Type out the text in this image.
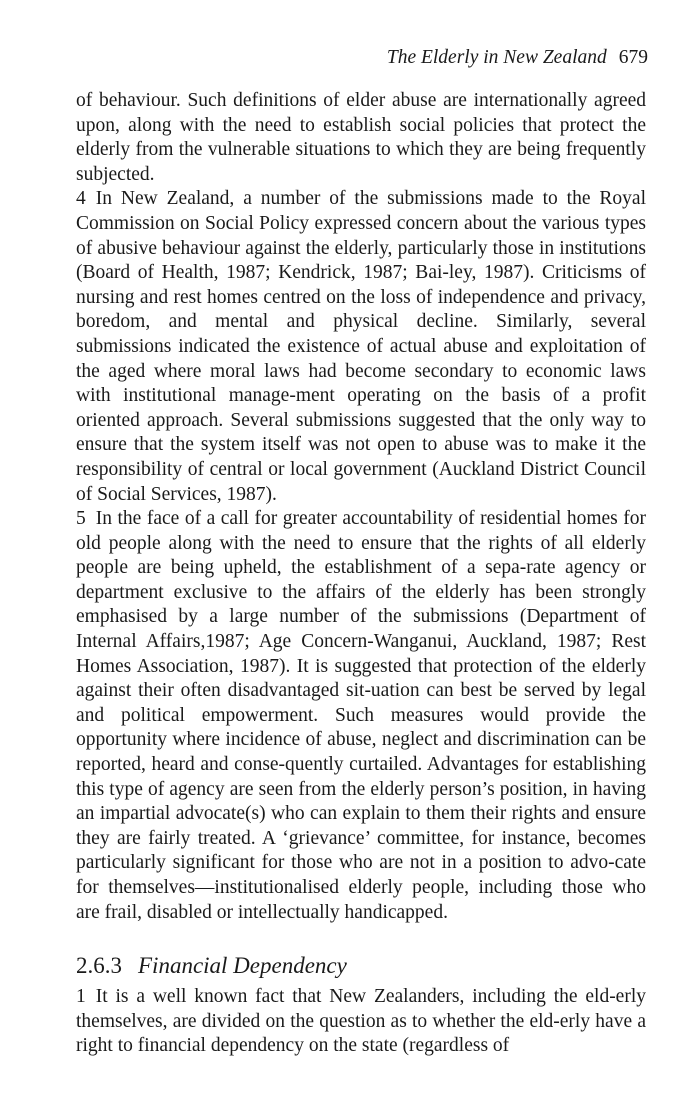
The Elderly in New Zealand 679

of behaviour. Such definitions of elder abuse are internationally agreed upon, along with the need to establish social policies that protect the elderly from the vulnerable situations to which they are being frequently subjected.

4 In New Zealand, a number of the submissions made to the Royal Commission on Social Policy expressed concern about the various types of abusive behaviour against the elderly, particularly those in institutions (Board of Health, 1987; Kendrick, 1987; Bai-ley, 1987). Criticisms of nursing and rest homes centred on the loss of independence and privacy, boredom, and mental and physical decline. Similarly, several submissions indicated the existence of actual abuse and exploitation of the aged where moral laws had become secondary to economic laws with institutional manage-ment operating on the basis of a profit oriented approach. Several submissions suggested that the only way to ensure that the system itself was not open to abuse was to make it the responsibility of central or local government (Auckland District Council of Social Services, 1987).

5 In the face of a call for greater accountability of residential homes for old people along with the need to ensure that the rights of all elderly people are being upheld, the establishment of a sepa-rate agency or department exclusive to the affairs of the elderly has been strongly emphasised by a large number of the submissions (Department of Internal Affairs,1987; Age Concern-Wanganui, Auckland, 1987; Rest Homes Association, 1987). It is suggested that protection of the elderly against their often disadvantaged sit-uation can best be served by legal and political empowerment. Such measures would provide the opportunity where incidence of abuse, neglect and discrimination can be reported, heard and conse-quently curtailed. Advantages for establishing this type of agency are seen from the elderly person’s position, in having an impartial advocate(s) who can explain to them their rights and ensure they are fairly treated. A ‘grievance’ committee, for instance, becomes particularly significant for those who are not in a position to advo-cate for themselves—institutionalised elderly people, including those who are frail, disabled or intellectually handicapped.

2.6.3 Financial Dependency

1 It is a well known fact that New Zealanders, including the eld-erly themselves, are divided on the question as to whether the eld-erly have a right to financial dependency on the state (regardless of
